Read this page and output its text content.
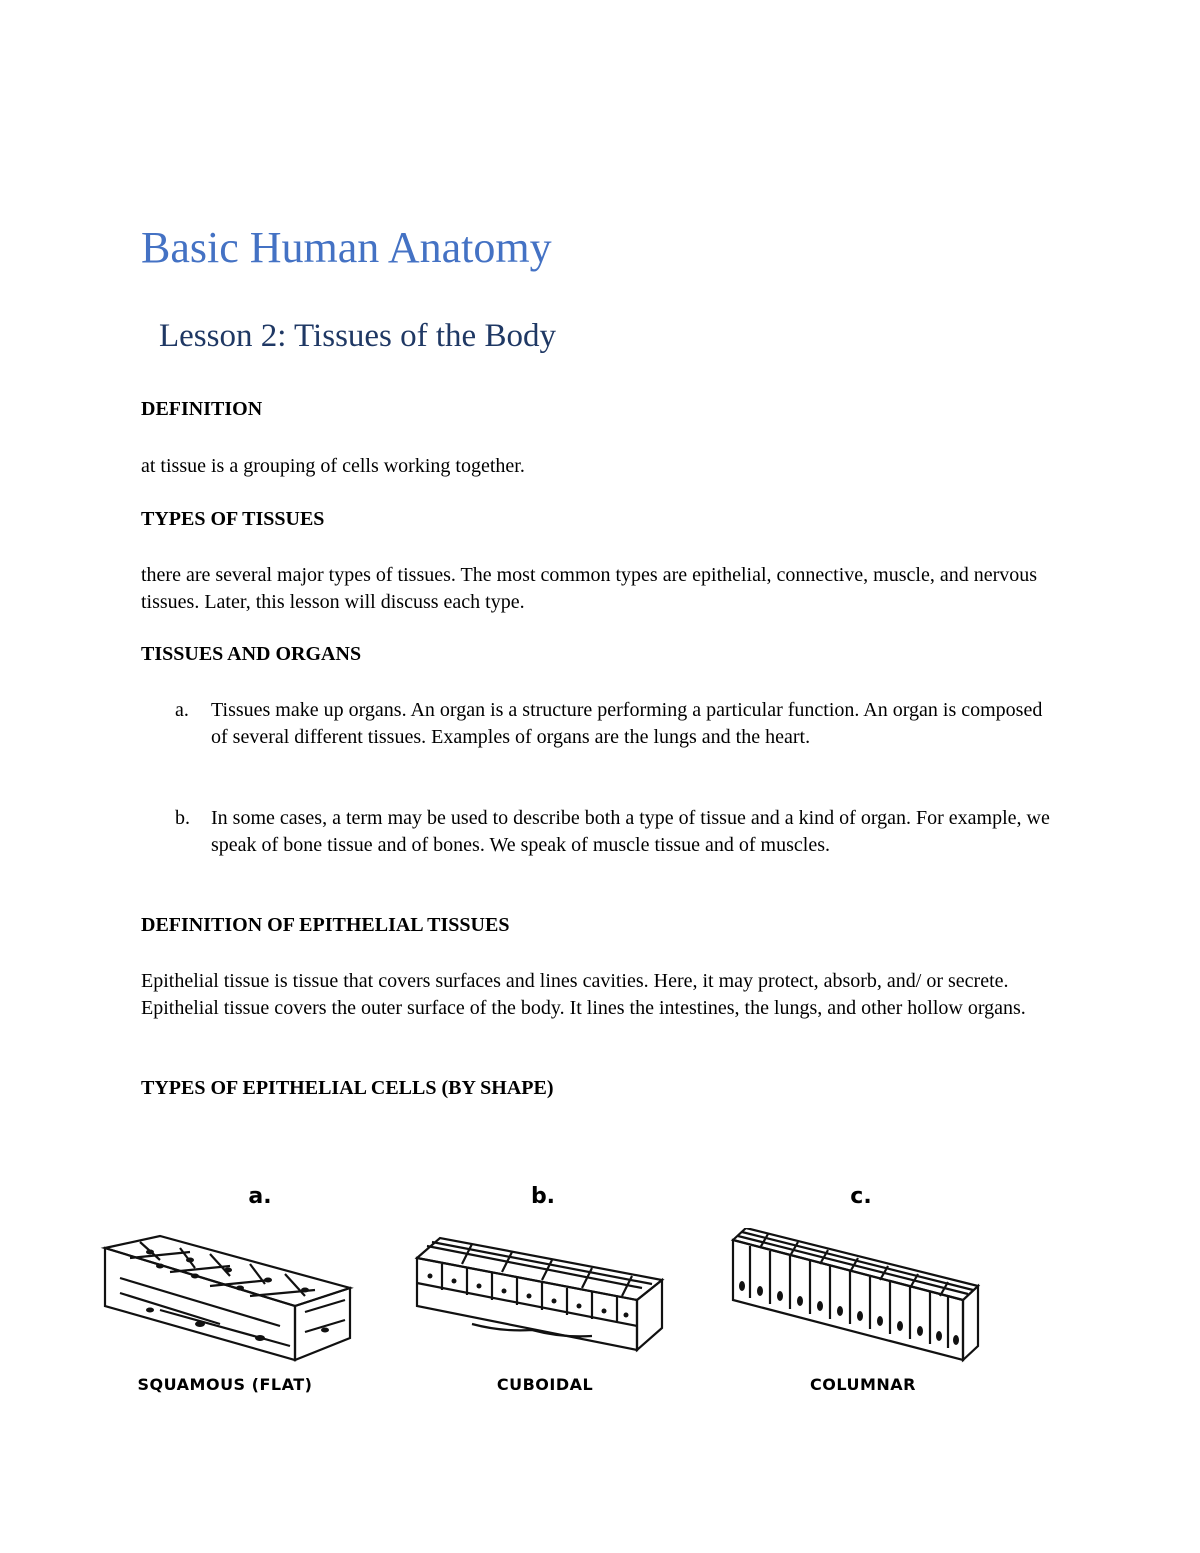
Basic Human Anatomy
Lesson 2: Tissues of the Body
DEFINITION
at tissue is a grouping of cells working together.
TYPES OF TISSUES
there are several major types of tissues. The most common types are epithelial, connective, muscle, and nervous tissues. Later, this lesson will discuss each type.
TISSUES AND ORGANS
a. Tissues make up organs. An organ is a structure performing a particular function. An organ is composed of several different tissues. Examples of organs are the lungs and the heart.
b. In some cases, a term may be used to describe both a type of tissue and a kind of organ. For example, we speak of bone tissue and of bones. We speak of muscle tissue and of muscles.
DEFINITION OF EPITHELIAL TISSUES
Epithelial tissue is tissue that covers surfaces and lines cavities. Here, it may protect, absorb, and/ or secrete. Epithelial tissue covers the outer surface of the body. It lines the intestines, the lungs, and other hollow organs.
TYPES OF EPITHELIAL CELLS (BY SHAPE)
a.
SQUAMOUS (FLAT)
b.
CUBOIDAL
c.
COLUMNAR
